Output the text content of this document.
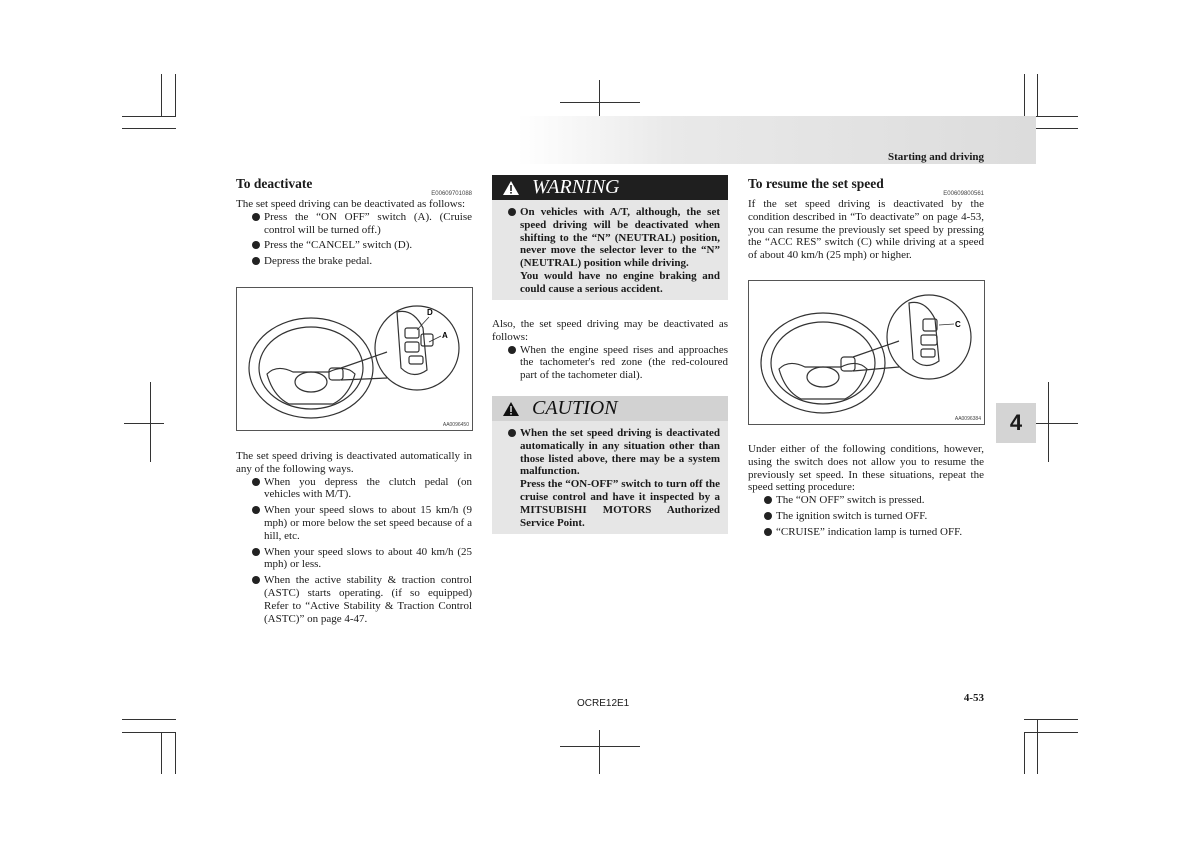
Starting and driving
4
To deactivate
E00609701088

The set speed driving can be deactivated as follows:

Press the “ON OFF” switch (A). (Cruise control will be turned off.)
Press the “CANCEL” switch (D).
Depress the brake pedal.
D
A
AA0096450

The set speed driving is deactivated automatically in any of the following ways.

When you depress the clutch pedal (on vehicles with M/T).
When your speed slows to about 15 km/h (9 mph) or more below the set speed because of a hill, etc.
When your speed slows to about 40 km/h (25 mph) or less.
When the active stability & traction control (ASTC) starts operating. (if so equipped) Refer to “Active Stability & Traction Control (ASTC)” on page 4-47.
WARNING
On vehicles with A/T, although, the set speed driving will be deactivated when shifting to the “N” (NEUTRAL) position, never move the selector lever to the “N” (NEUTRAL) position while driving.
You would have no engine braking and could cause a serious accident.

Also, the set speed driving may be deactivated as follows:

When the engine speed rises and approaches the tachometer's red zone (the red-coloured part of the tachometer dial).
CAUTION
When the set speed driving is deactivated automatically in any situation other than those listed above, there may be a system malfunction.
Press the “ON-OFF” switch to turn off the cruise control and have it inspected by a MITSUBISHI MOTORS Authorized Service Point.
To resume the set speed
E00609800561

If the set speed driving is deactivated by the condition described in “To deactivate” on page 4-53, you can resume the previously set speed by pressing the “ACC RES” switch (C) while driving at a speed of about 40 km/h (25 mph) or higher.

C
AA0096384

Under either of the following conditions, however, using the switch does not allow you to resume the previously set speed. In these situations, repeat the speed setting procedure:

The “ON OFF” switch is pressed.
The ignition switch is turned OFF.
“CRUISE” indication lamp is turned OFF.
OCRE12E1	4-53
